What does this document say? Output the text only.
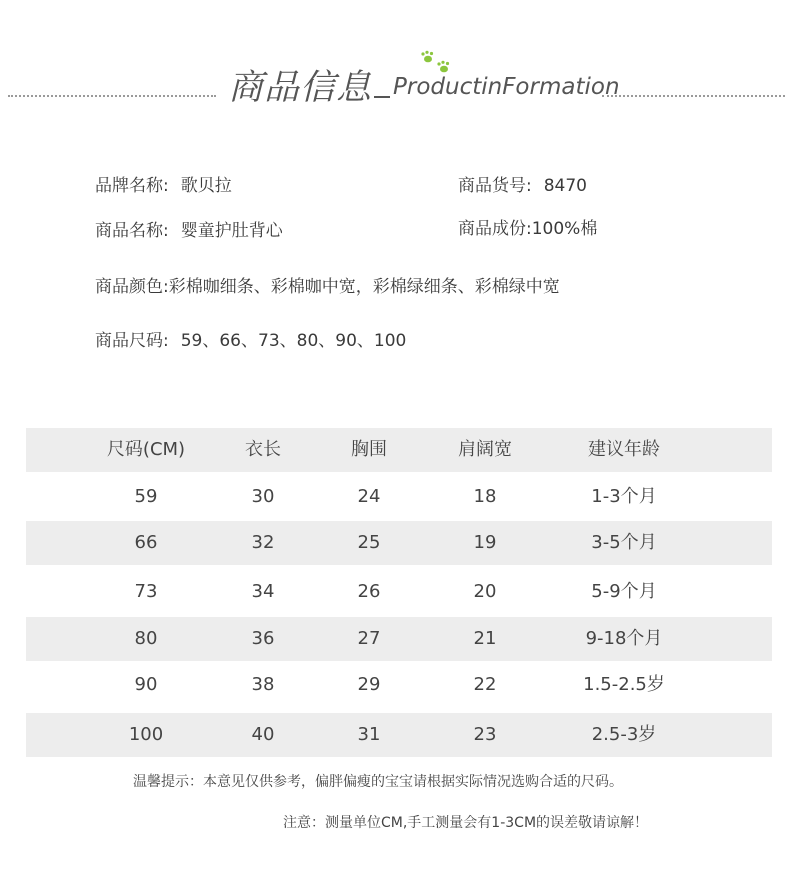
商品信息 ProductinFormation
品牌名称: 歌贝拉	商品货号: 8470
商品名称: 婴童护肚背心	商品成份:100%棉
商品颜色:彩棉咖细条、彩棉咖中宽，彩棉绿细条、彩棉绿中宽
商品尺码: 59、66、73、80、90、100
尺码(CM)	衣长	胸围	肩阔宽	建议年龄
59	30	24	18	1-3个月
66	32	25	19	3-5个月
73	34	26	20	5-9个月
80	36	27	21	9-18个月
90	38	29	22	1.5-2.5岁
100	40	31	23	2.5-3岁
温馨提示：本意见仅供参考，偏胖偏瘦的宝宝请根据实际情况选购合适的尺码。
注意：测量单位CM,手工测量会有1-3CM的误差敬请谅解！
